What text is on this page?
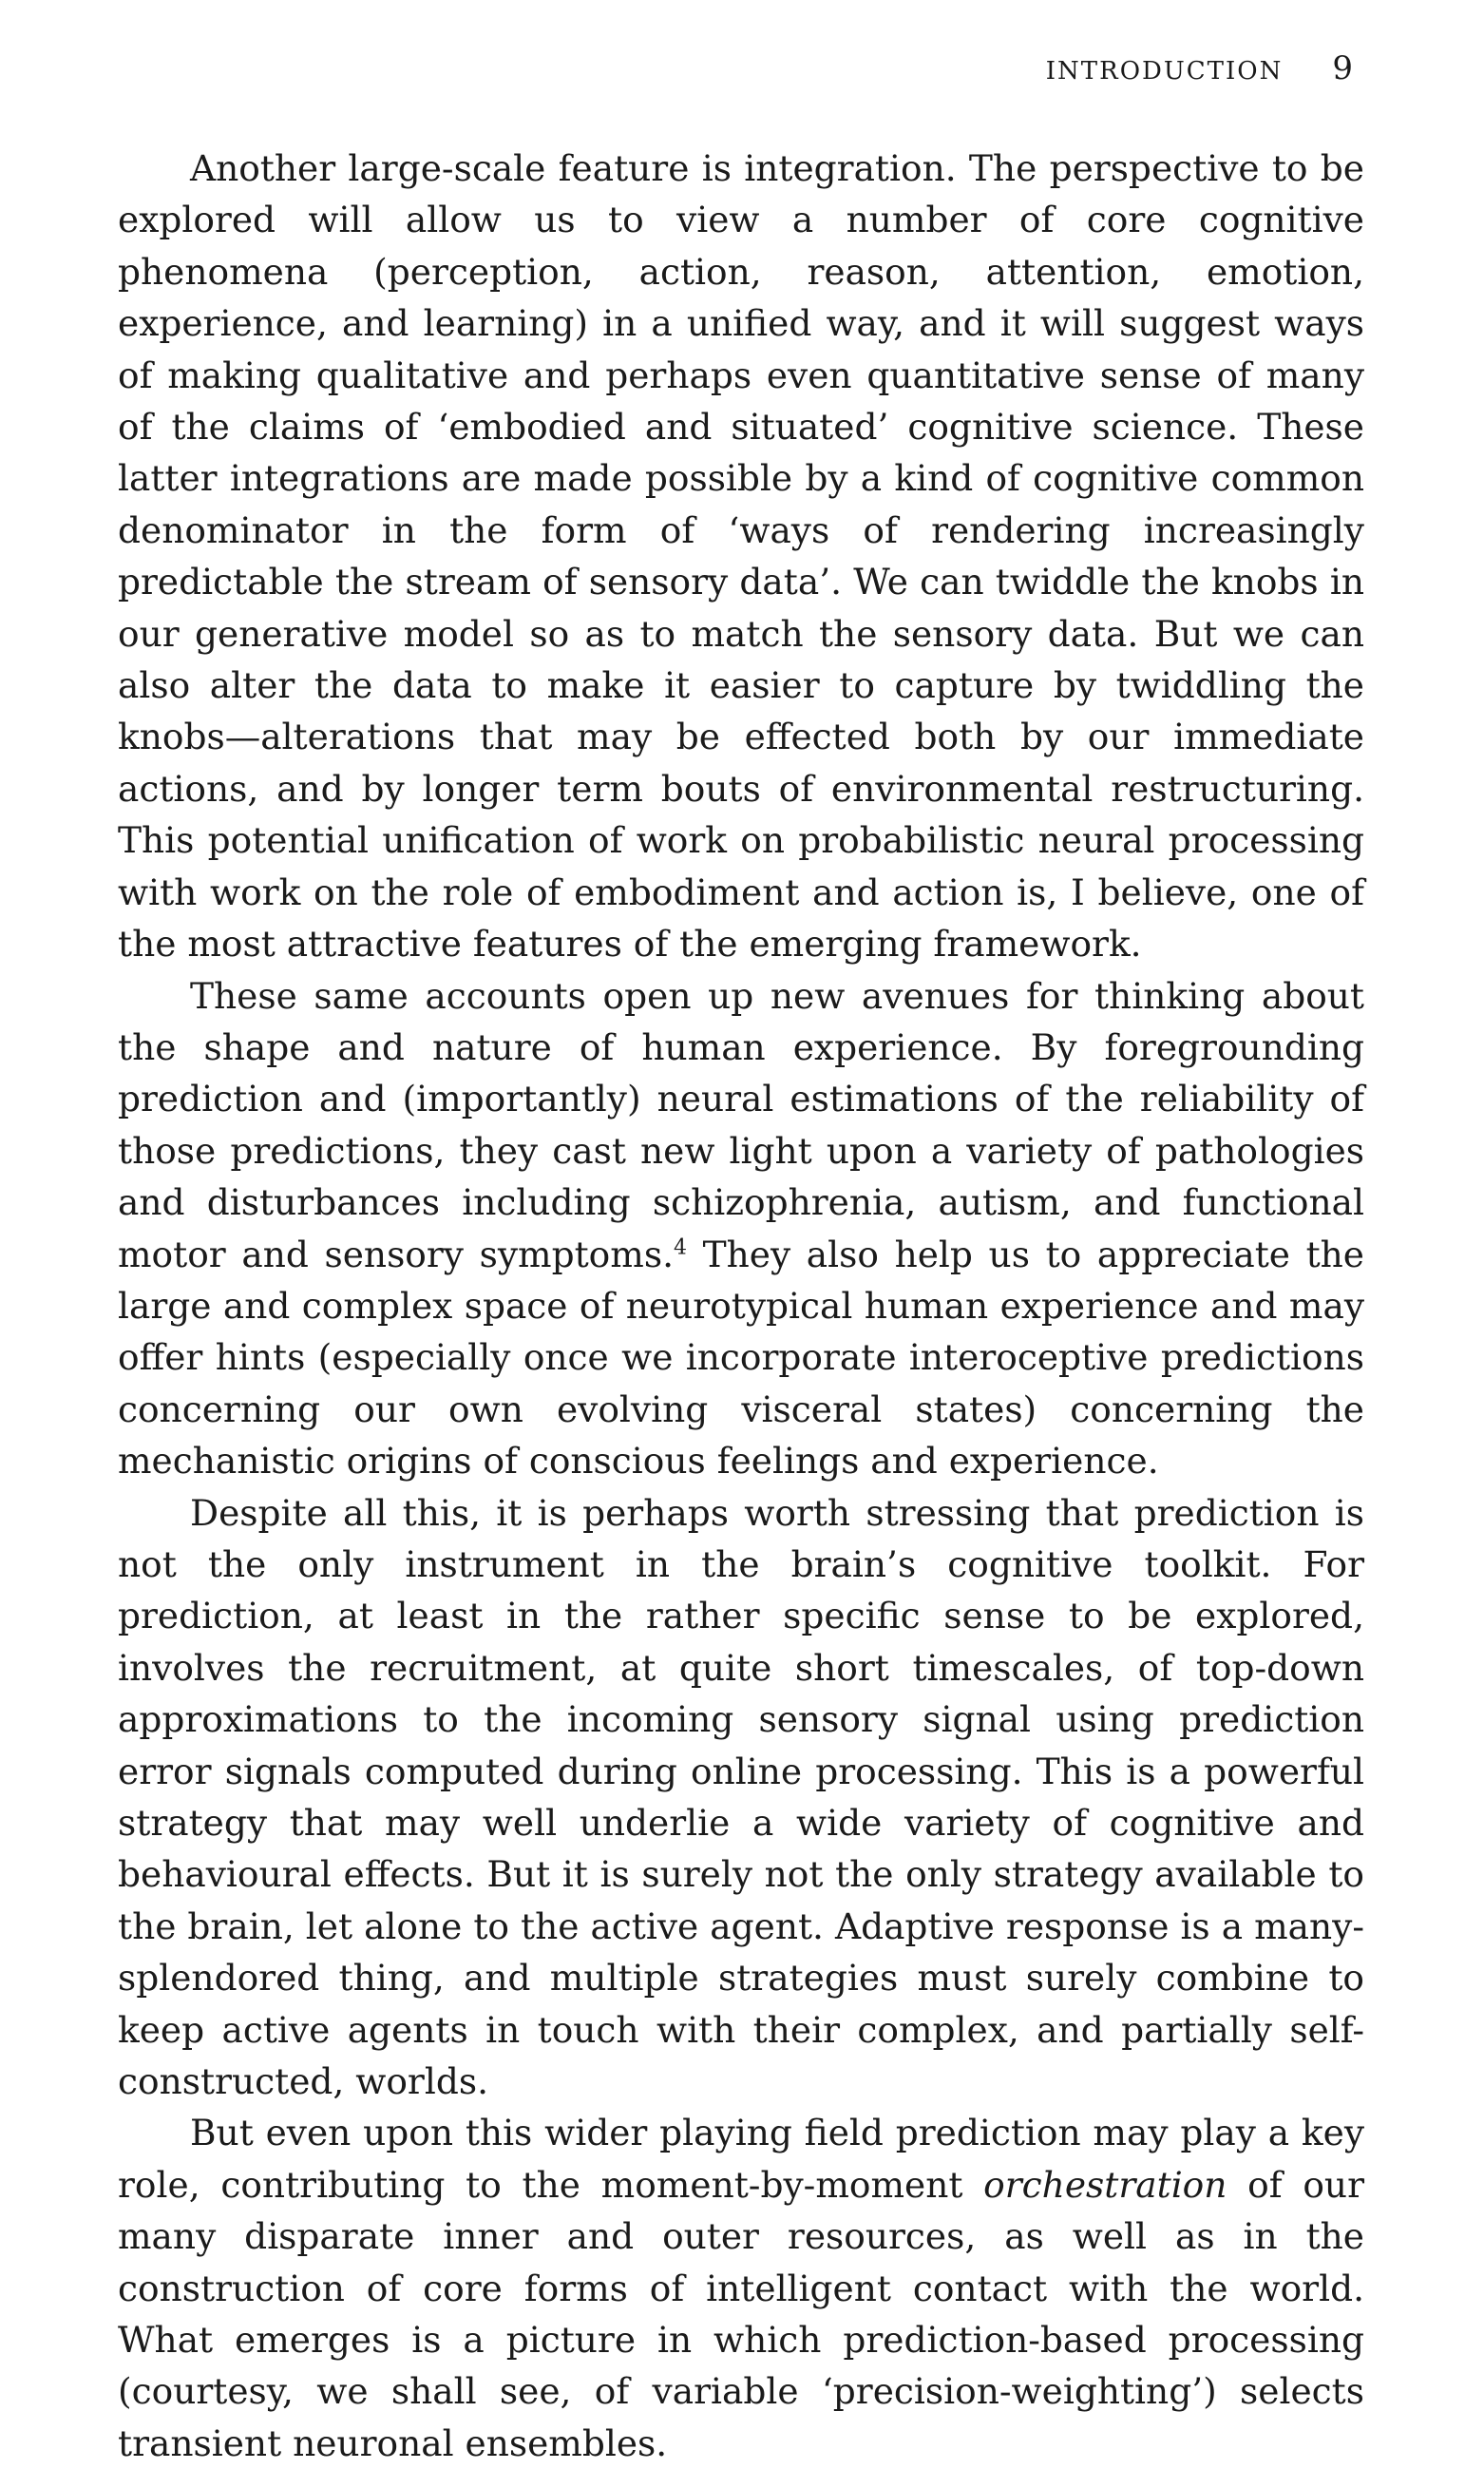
INTRODUCTION 9

Another large-scale feature is integration. The perspective to be explored will allow us to view a number of core cognitive phenomena (perception, action, reason, attention, emotion, experience, and learning) in a unified way, and it will suggest ways of making qualitative and perhaps even quantitative sense of many of the claims of ‘embodied and situated’ cognitive science. These latter integrations are made possible by a kind of cognitive common denominator in the form of ‘ways of rendering increasingly predictable the stream of sensory data’. We can twiddle the knobs in our generative model so as to match the sensory data. But we can also alter the data to make it easier to capture by twiddling the knobs—alterations that may be effected both by our immediate actions, and by longer term bouts of environmental restructuring. This potential unification of work on probabilistic neural processing with work on the role of embodiment and action is, I believe, one of the most attractive features of the emerging framework.

These same accounts open up new avenues for thinking about the shape and nature of human experience. By foregrounding prediction and (importantly) neural estimations of the reliability of those predictions, they cast new light upon a variety of pathologies and disturbances including schizophrenia, autism, and functional motor and sensory symptoms.$^4$ They also help us to appreciate the large and complex space of neurotypical human experience and may offer hints (especially once we incorporate interoceptive predictions concerning our own evolving visceral states) concerning the mechanistic origins of conscious feelings and experience.

Despite all this, it is perhaps worth stressing that prediction is not the only instrument in the brain’s cognitive toolkit. For prediction, at least in the rather specific sense to be explored, involves the recruitment, at quite short timescales, of top-down approximations to the incoming sensory signal using prediction error signals computed during online processing. This is a powerful strategy that may well underlie a wide variety of cognitive and behavioural effects. But it is surely not the only strategy available to the brain, let alone to the active agent. Adaptive response is a many-splendored thing, and multiple strategies must surely combine to keep active agents in touch with their complex, and partially self-constructed, worlds.

But even upon this wider playing field prediction may play a key role, contributing to the moment-by-moment orchestration of our many disparate inner and outer resources, as well as in the construction of core forms of intelligent contact with the world. What emerges is a picture in which prediction-based processing (courtesy, we shall see, of variable ‘precision-weighting’) selects transient neuronal ensembles.
